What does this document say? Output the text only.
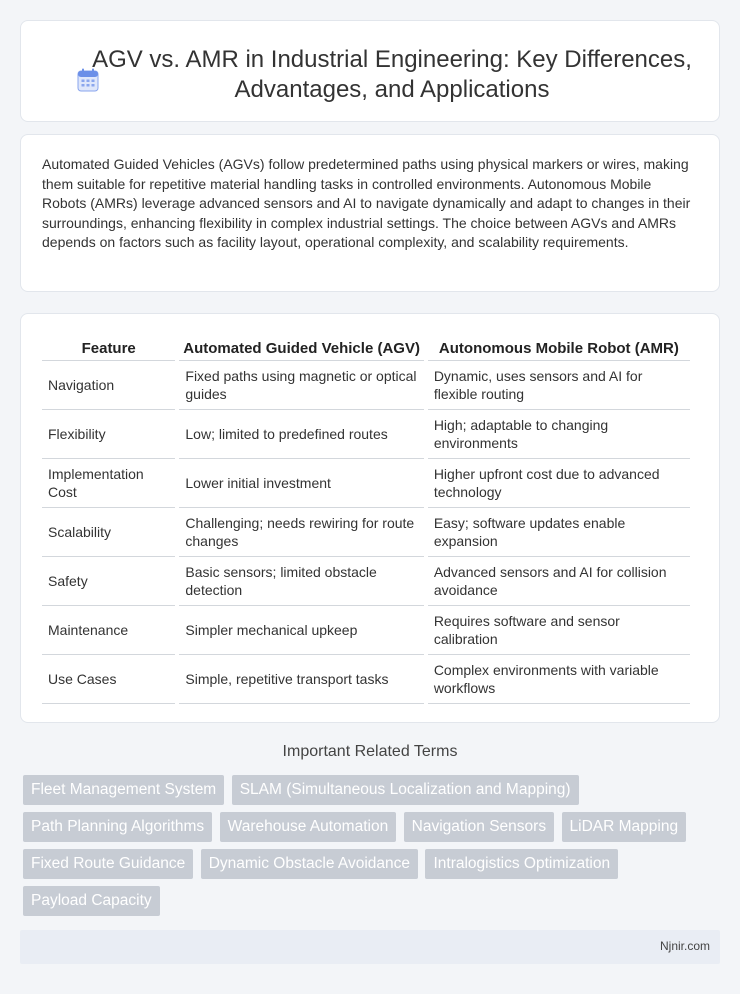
AGV vs. AMR in Industrial Engineering: Key Differences, Advantages, and Applications

Automated Guided Vehicles (AGVs) follow predetermined paths using physical markers or wires, making them suitable for repetitive material handling tasks in controlled environments. Autonomous Mobile Robots (AMRs) leverage advanced sensors and AI to navigate dynamically and adapt to changes in their surroundings, enhancing flexibility in complex industrial settings. The choice between AGVs and AMRs depends on factors such as facility layout, operational complexity, and scalability requirements.

Feature	Automated Guided Vehicle (AGV)	Autonomous Mobile Robot (AMR)
Navigation	Fixed paths using magnetic or optical guides	Dynamic, uses sensors and AI for flexible routing
Flexibility	Low; limited to predefined routes	High; adaptable to changing environments
Implementation Cost	Lower initial investment	Higher upfront cost due to advanced technology
Scalability	Challenging; needs rewiring for route changes	Easy; software updates enable expansion
Safety	Basic sensors; limited obstacle detection	Advanced sensors and AI for collision avoidance
Maintenance	Simpler mechanical upkeep	Requires software and sensor calibration
Use Cases	Simple, repetitive transport tasks	Complex environments with variable workflows
Important Related Terms
Fleet Management System SLAM (Simultaneous Localization and Mapping) Path Planning Algorithms Warehouse Automation Navigation Sensors LiDAR Mapping Fixed Route Guidance Dynamic Obstacle Avoidance Intralogistics Optimization Payload Capacity
Njnir.com
